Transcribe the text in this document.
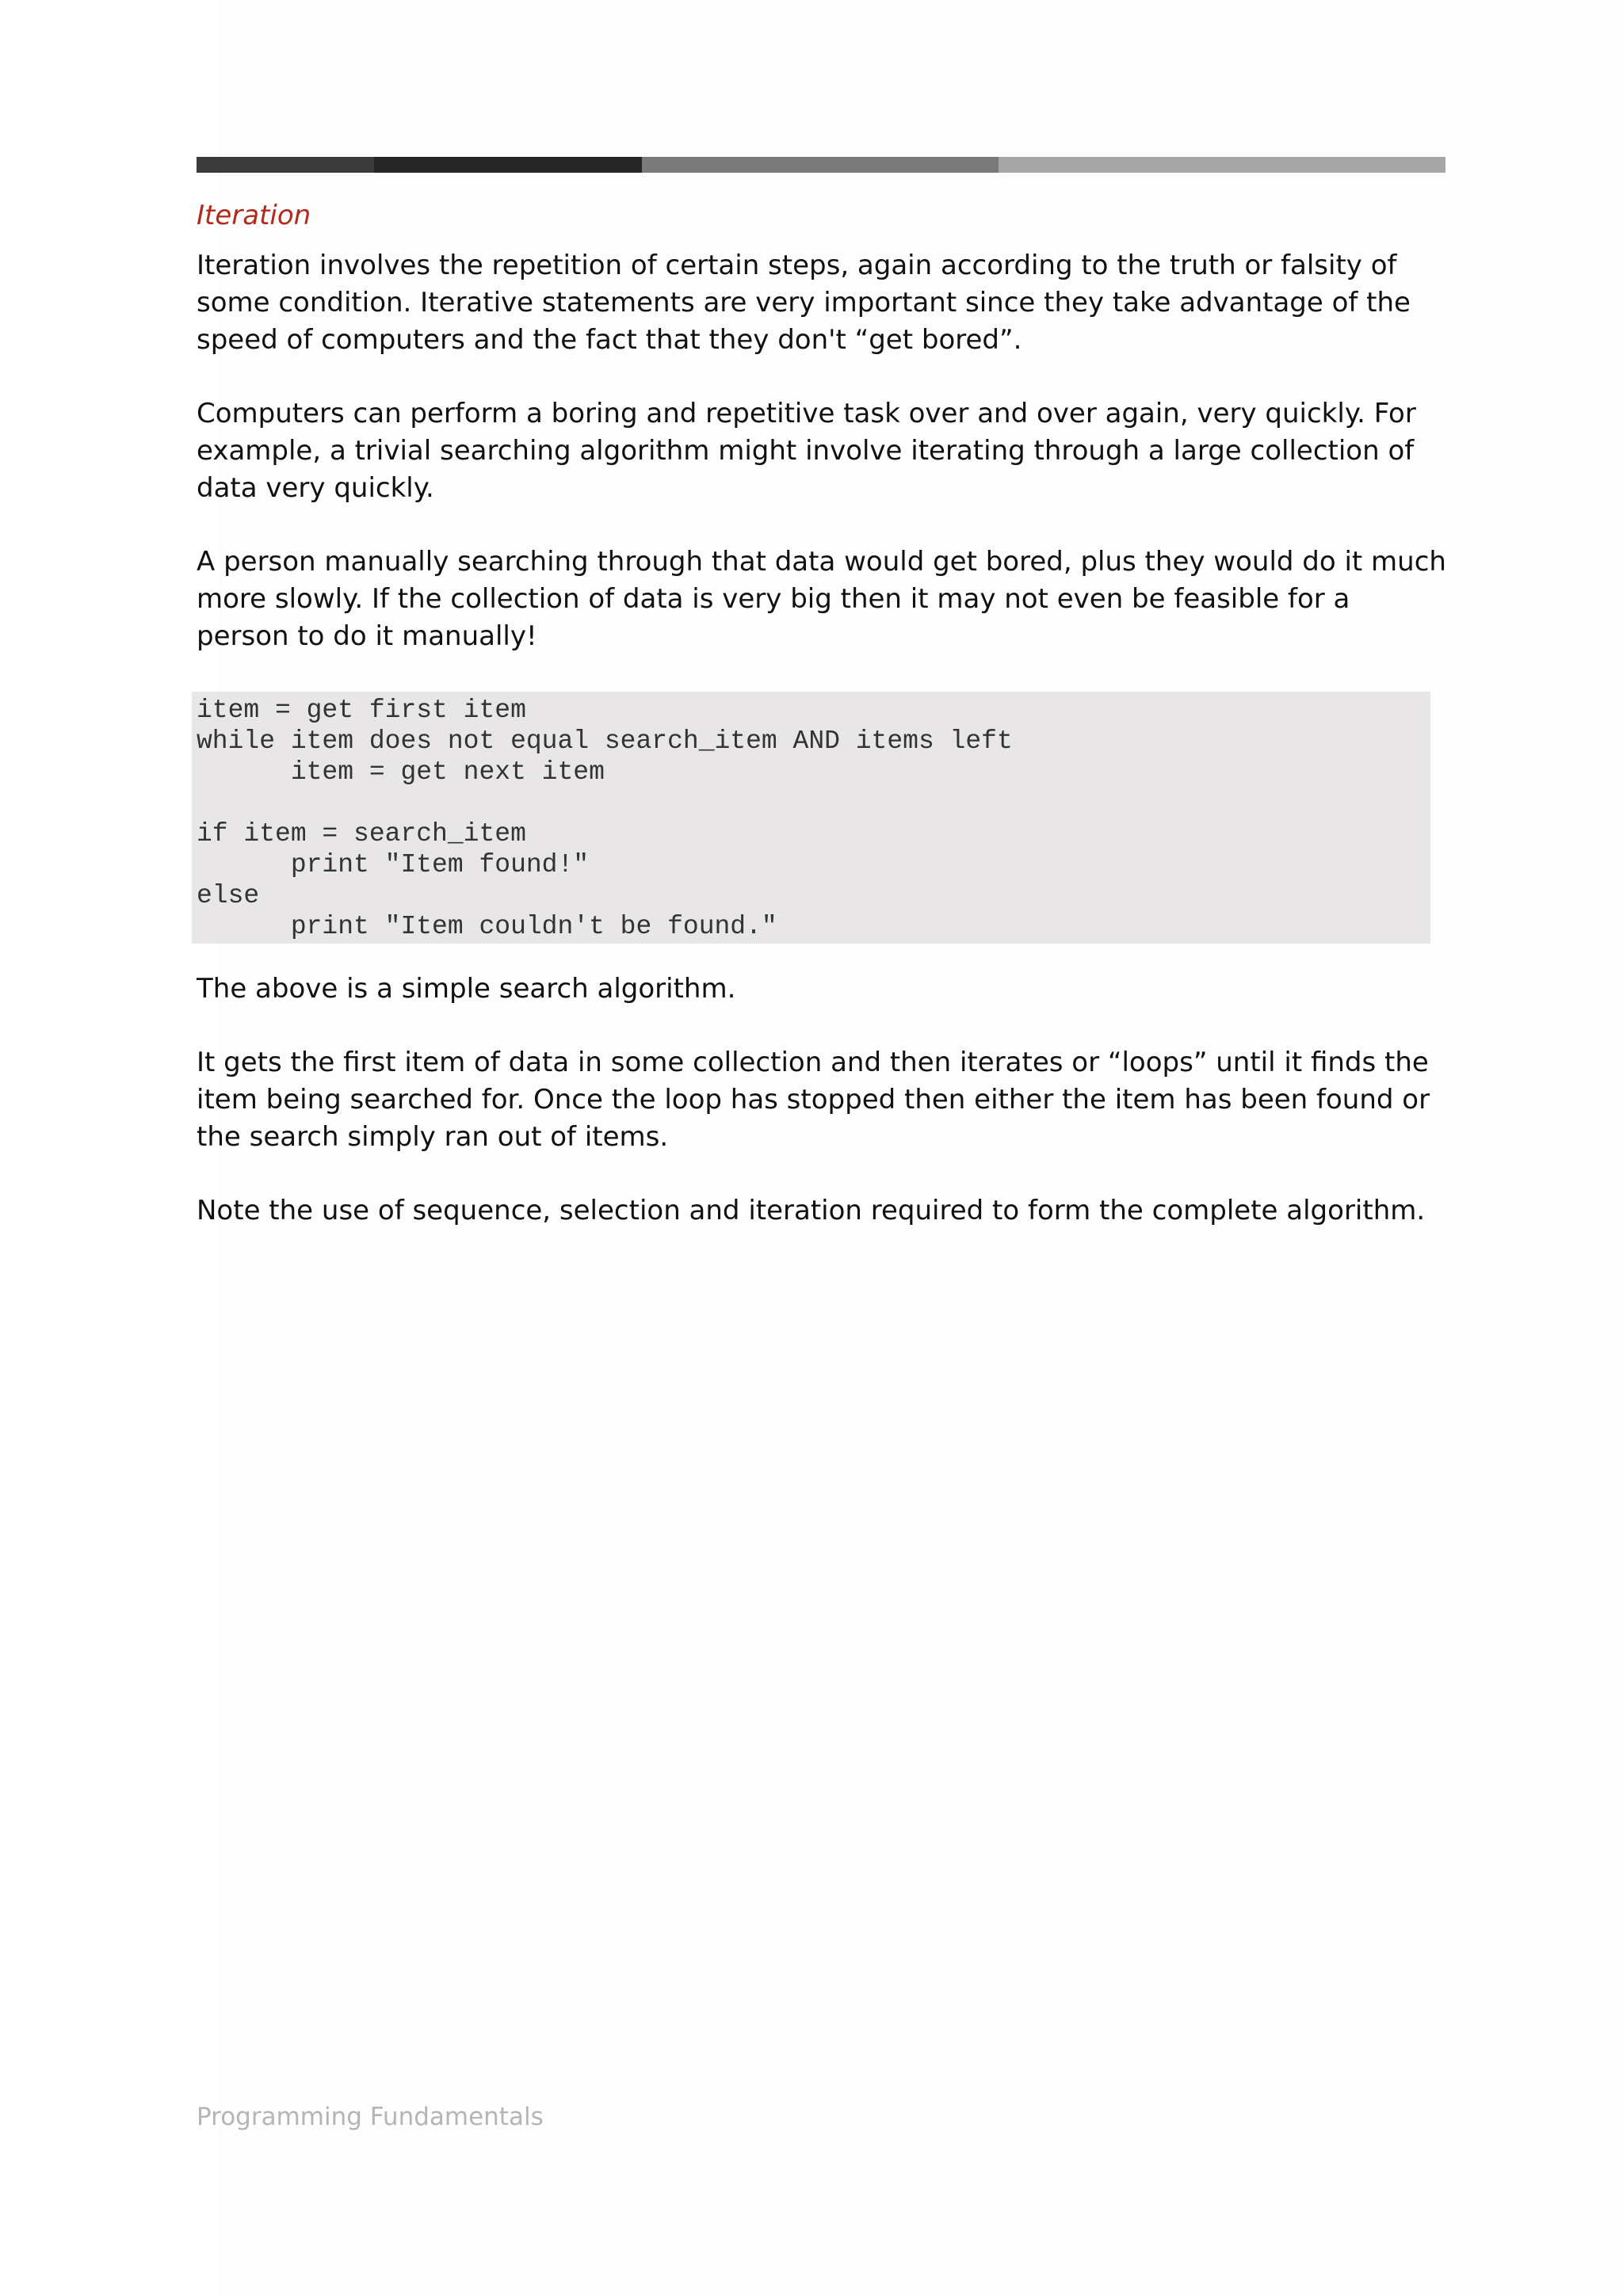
Iteration

Iteration involves the repetition of certain steps, again according to the truth or falsity of some condition. Iterative statements are very important since they take advantage of the speed of computers and the fact that they don't “get bored”.

Computers can perform a boring and repetitive task over and over again, very quickly. For example, a trivial searching algorithm might involve iterating through a large collection of data very quickly.

A person manually searching through that data would get bored, plus they would do it much more slowly. If the collection of data is very big then it may not even be feasible for a person to do it manually!

item = get first item
while item does not equal search_item AND items left
item = get next item
if item = search_item
print "Item found!"
else
print "Item couldn't be found."

The above is a simple search algorithm.

It gets the first item of data in some collection and then iterates or “loops” until it finds the item being searched for. Once the loop has stopped then either the item has been found or the search simply ran out of items.

Note the use of sequence, selection and iteration required to form the complete algorithm.

Programming Fundamentals
